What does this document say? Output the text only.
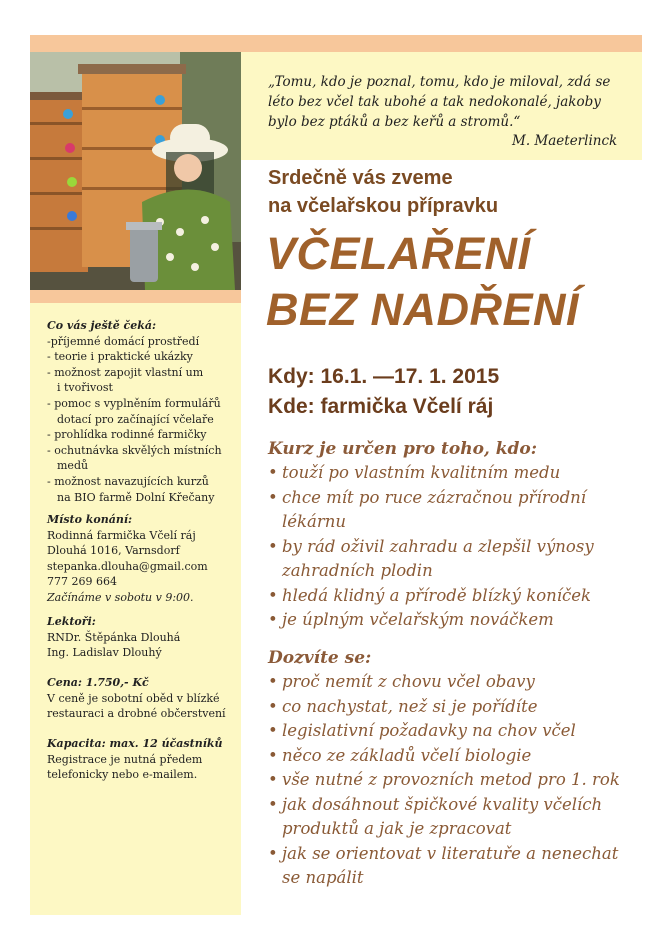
„Tomu, kdo je poznal, tomu, kdo je miloval, zdá se
léto bez včel tak ubohé a tak nedokonalé, jakoby
bylo bez ptáků a bez keřů a stromů.“
M. Maeterlinck
Srdečně vás zveme
na včelařskou přípravku
VČELAŘENÍ
BEZ NADŘENÍ
Kdy: 16.1. —17. 1. 2015
Kde: farmička Včelí ráj
Kurz je určen pro toho, kdo:
• touží po vlastním kvalitním medu
• chce mít po ruce zázračnou přírodní
lékárnu
• by rád oživil zahradu a zlepšil výnosy
zahradních plodin
• hledá klidný a přírodě blízký koníček
• je úplným včelařským nováčkem
Dozvíte se:
• proč nemít z chovu včel obavy
• co nachystat, než si je pořídíte
• legislativní požadavky na chov včel
• něco ze základů včelí biologie
• vše nutné z provozních metod pro 1. rok
• jak dosáhnout špičkové kvality včelích
produktů a jak je zpracovat
• jak se orientovat v literatuře a nenechat
se napálit
Co vás ještě čeká:
-příjemné domácí prostředí
- teorie i praktické ukázky
- možnost zapojit vlastní um
i tvořivost
- pomoc s vyplněním formulářů
dotací pro začínající včelaře
- prohlídka rodinné farmičky
- ochutnávka skvělých místních
medů
- možnost navazujících kurzů
na BIO farmě Dolní Křečany
Místo konání:
Rodinná farmička Včelí ráj
Dlouhá 1016, Varnsdorf
stepanka.dlouha@gmail.com
777 269 664
Začínáme v sobotu v 9:00.
Lektoři:
RNDr. Štěpánka Dlouhá
Ing. Ladislav Dlouhý
Cena: 1.750,- Kč
V ceně je sobotní oběd v blízké
restauraci a drobné občerstvení
Kapacita: max. 12 účastníků
Registrace je nutná předem
telefonicky nebo e-mailem.
